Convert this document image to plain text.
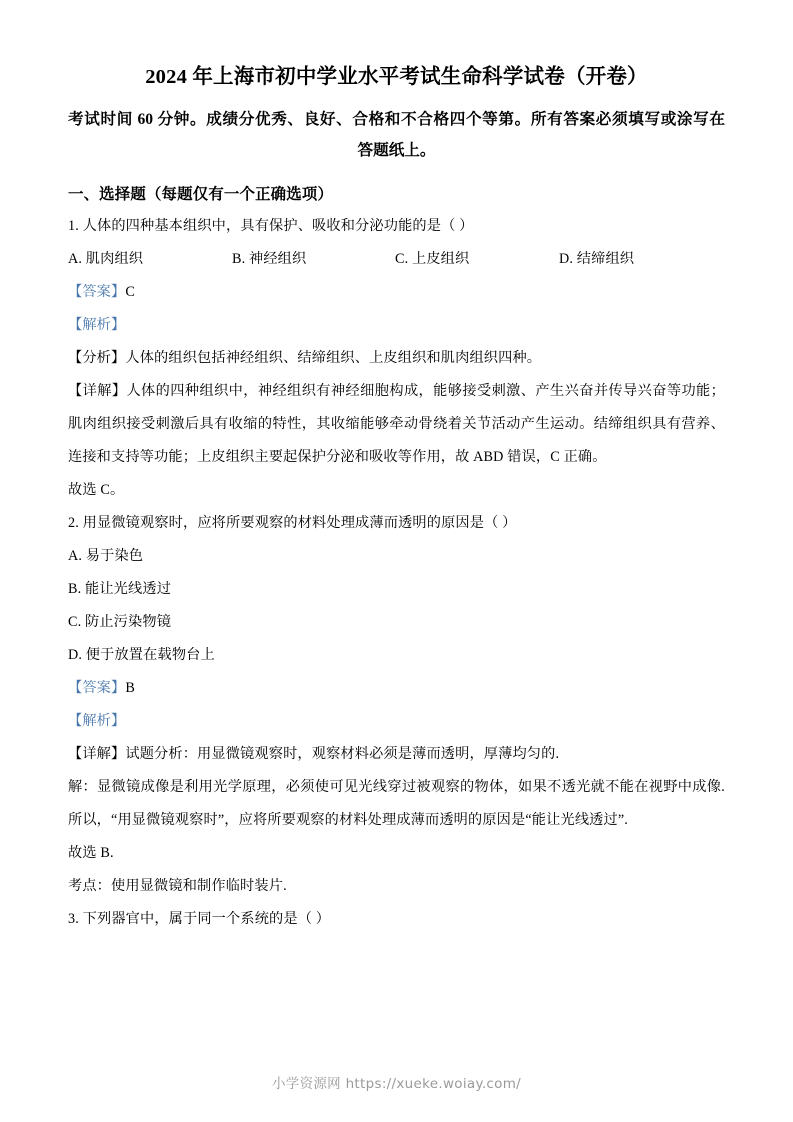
2024 年上海市初中学业水平考试生命科学试卷（开卷）
考试时间 60 分钟。成绩分优秀、良好、合格和不合格四个等第。所有答案必须填写或涂写在
答题纸上。
一、选择题（每题仅有一个正确选项）

1. 人体的四种基本组织中，具有保护、吸收和分泌功能的是（ ）

A. 肌肉组织	B. 神经组织	C. 上皮组织	D. 结缔组织

【答案】C

【解析】

【分析】人体的组织包括神经组织、结缔组织、上皮组织和肌肉组织四种。

【详解】人体的四种组织中，神经组织有神经细胞构成，能够接受刺激、产生兴奋并传导兴奋等功能；肌肉组织接受刺激后具有收缩的特性，其收缩能够牵动骨绕着关节活动产生运动。结缔组织具有营养、连接和支持等功能；上皮组织主要起保护分泌和吸收等作用，故 ABD 错误，C 正确。

故选 C。

2. 用显微镜观察时，应将所要观察的材料处理成薄而透明的原因是（ ）

A. 易于染色
B. 能让光线透过
C. 防止污染物镜
D. 便于放置在载物台上

【答案】B

【解析】

【详解】试题分析：用显微镜观察时，观察材料必须是薄而透明，厚薄均匀的.

解：显微镜成像是利用光学原理，必须使可见光线穿过被观察的物体，如果不透光就不能在视野中成像. 所以，“用显微镜观察时”，应将所要观察的材料处理成薄而透明的原因是“能让光线透过”.

故选 B.

考点：使用显微镜和制作临时装片.

3. 下列器官中，属于同一个系统的是（ ）

小学资源网 https://xueke.woiay.com/
